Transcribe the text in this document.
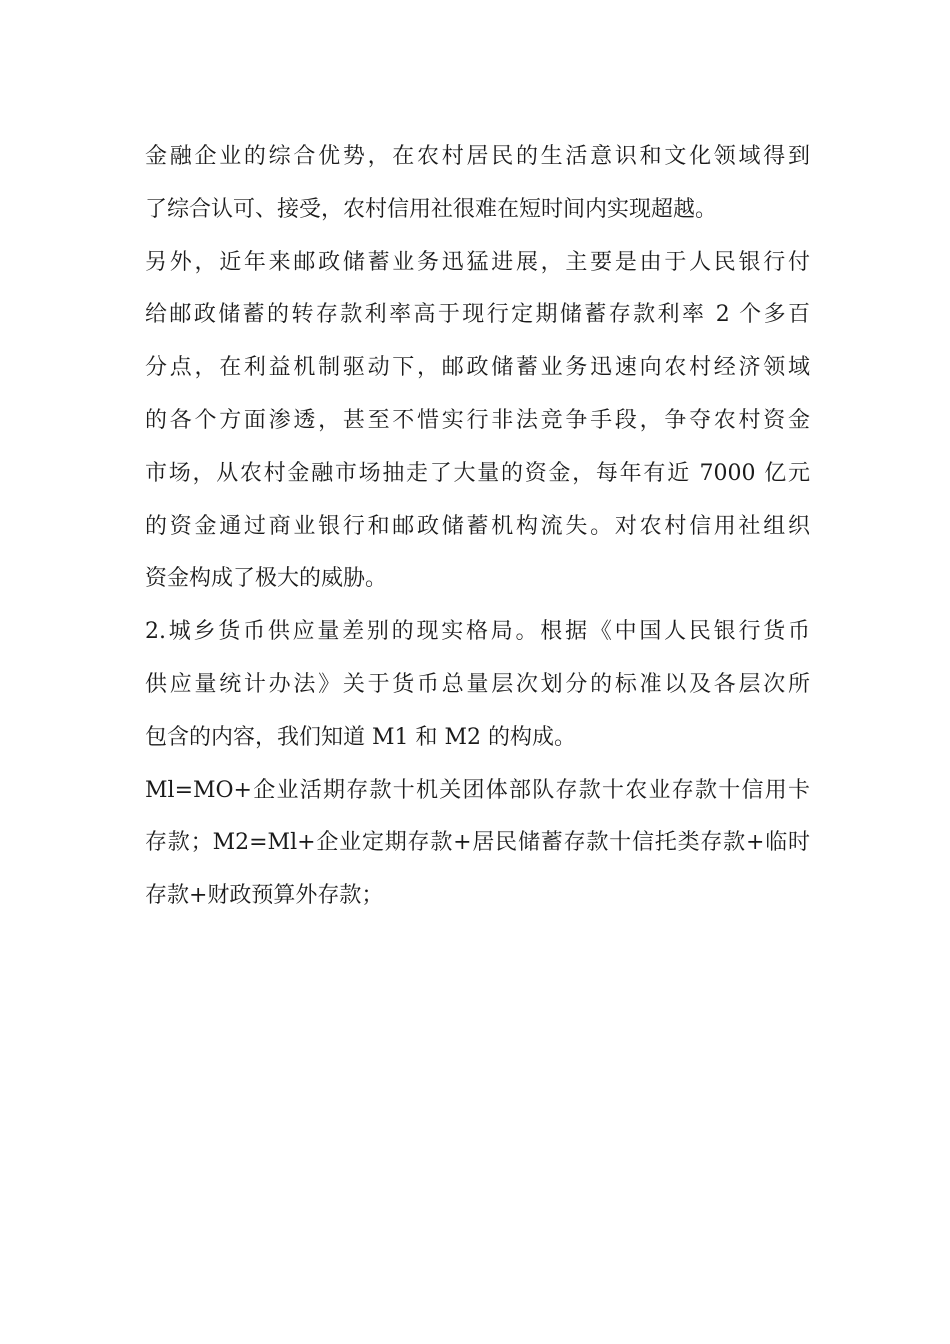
金融企业的综合优势，在农村居民的生活意识和文化领域得到
了综合认可、接受，农村信用社很难在短时间内实现超越。
另外，近年来邮政储蓄业务迅猛进展，主要是由于人民银行付
给邮政储蓄的转存款利率高于现行定期储蓄存款利率 2 个多百
分点，在利益机制驱动下，邮政储蓄业务迅速向农村经济领域
的各个方面渗透，甚至不惜实行非法竞争手段，争夺农村资金
市场，从农村金融市场抽走了大量的资金，每年有近 7000 亿元
的资金通过商业银行和邮政储蓄机构流失。对农村信用社组织
资金构成了极大的威胁。
2.城乡货币供应量差别的现实格局。根据《中国人民银行货币
供应量统计办法》关于货币总量层次划分的标准以及各层次所
包含的内容，我们知道 M1 和 M2 的构成。
Ml=MO+企业活期存款十机关团体部队存款十农业存款十信用卡
存款；M2=Ml+企业定期存款+居民储蓄存款十信托类存款+临时
存款+财政预算外存款；
